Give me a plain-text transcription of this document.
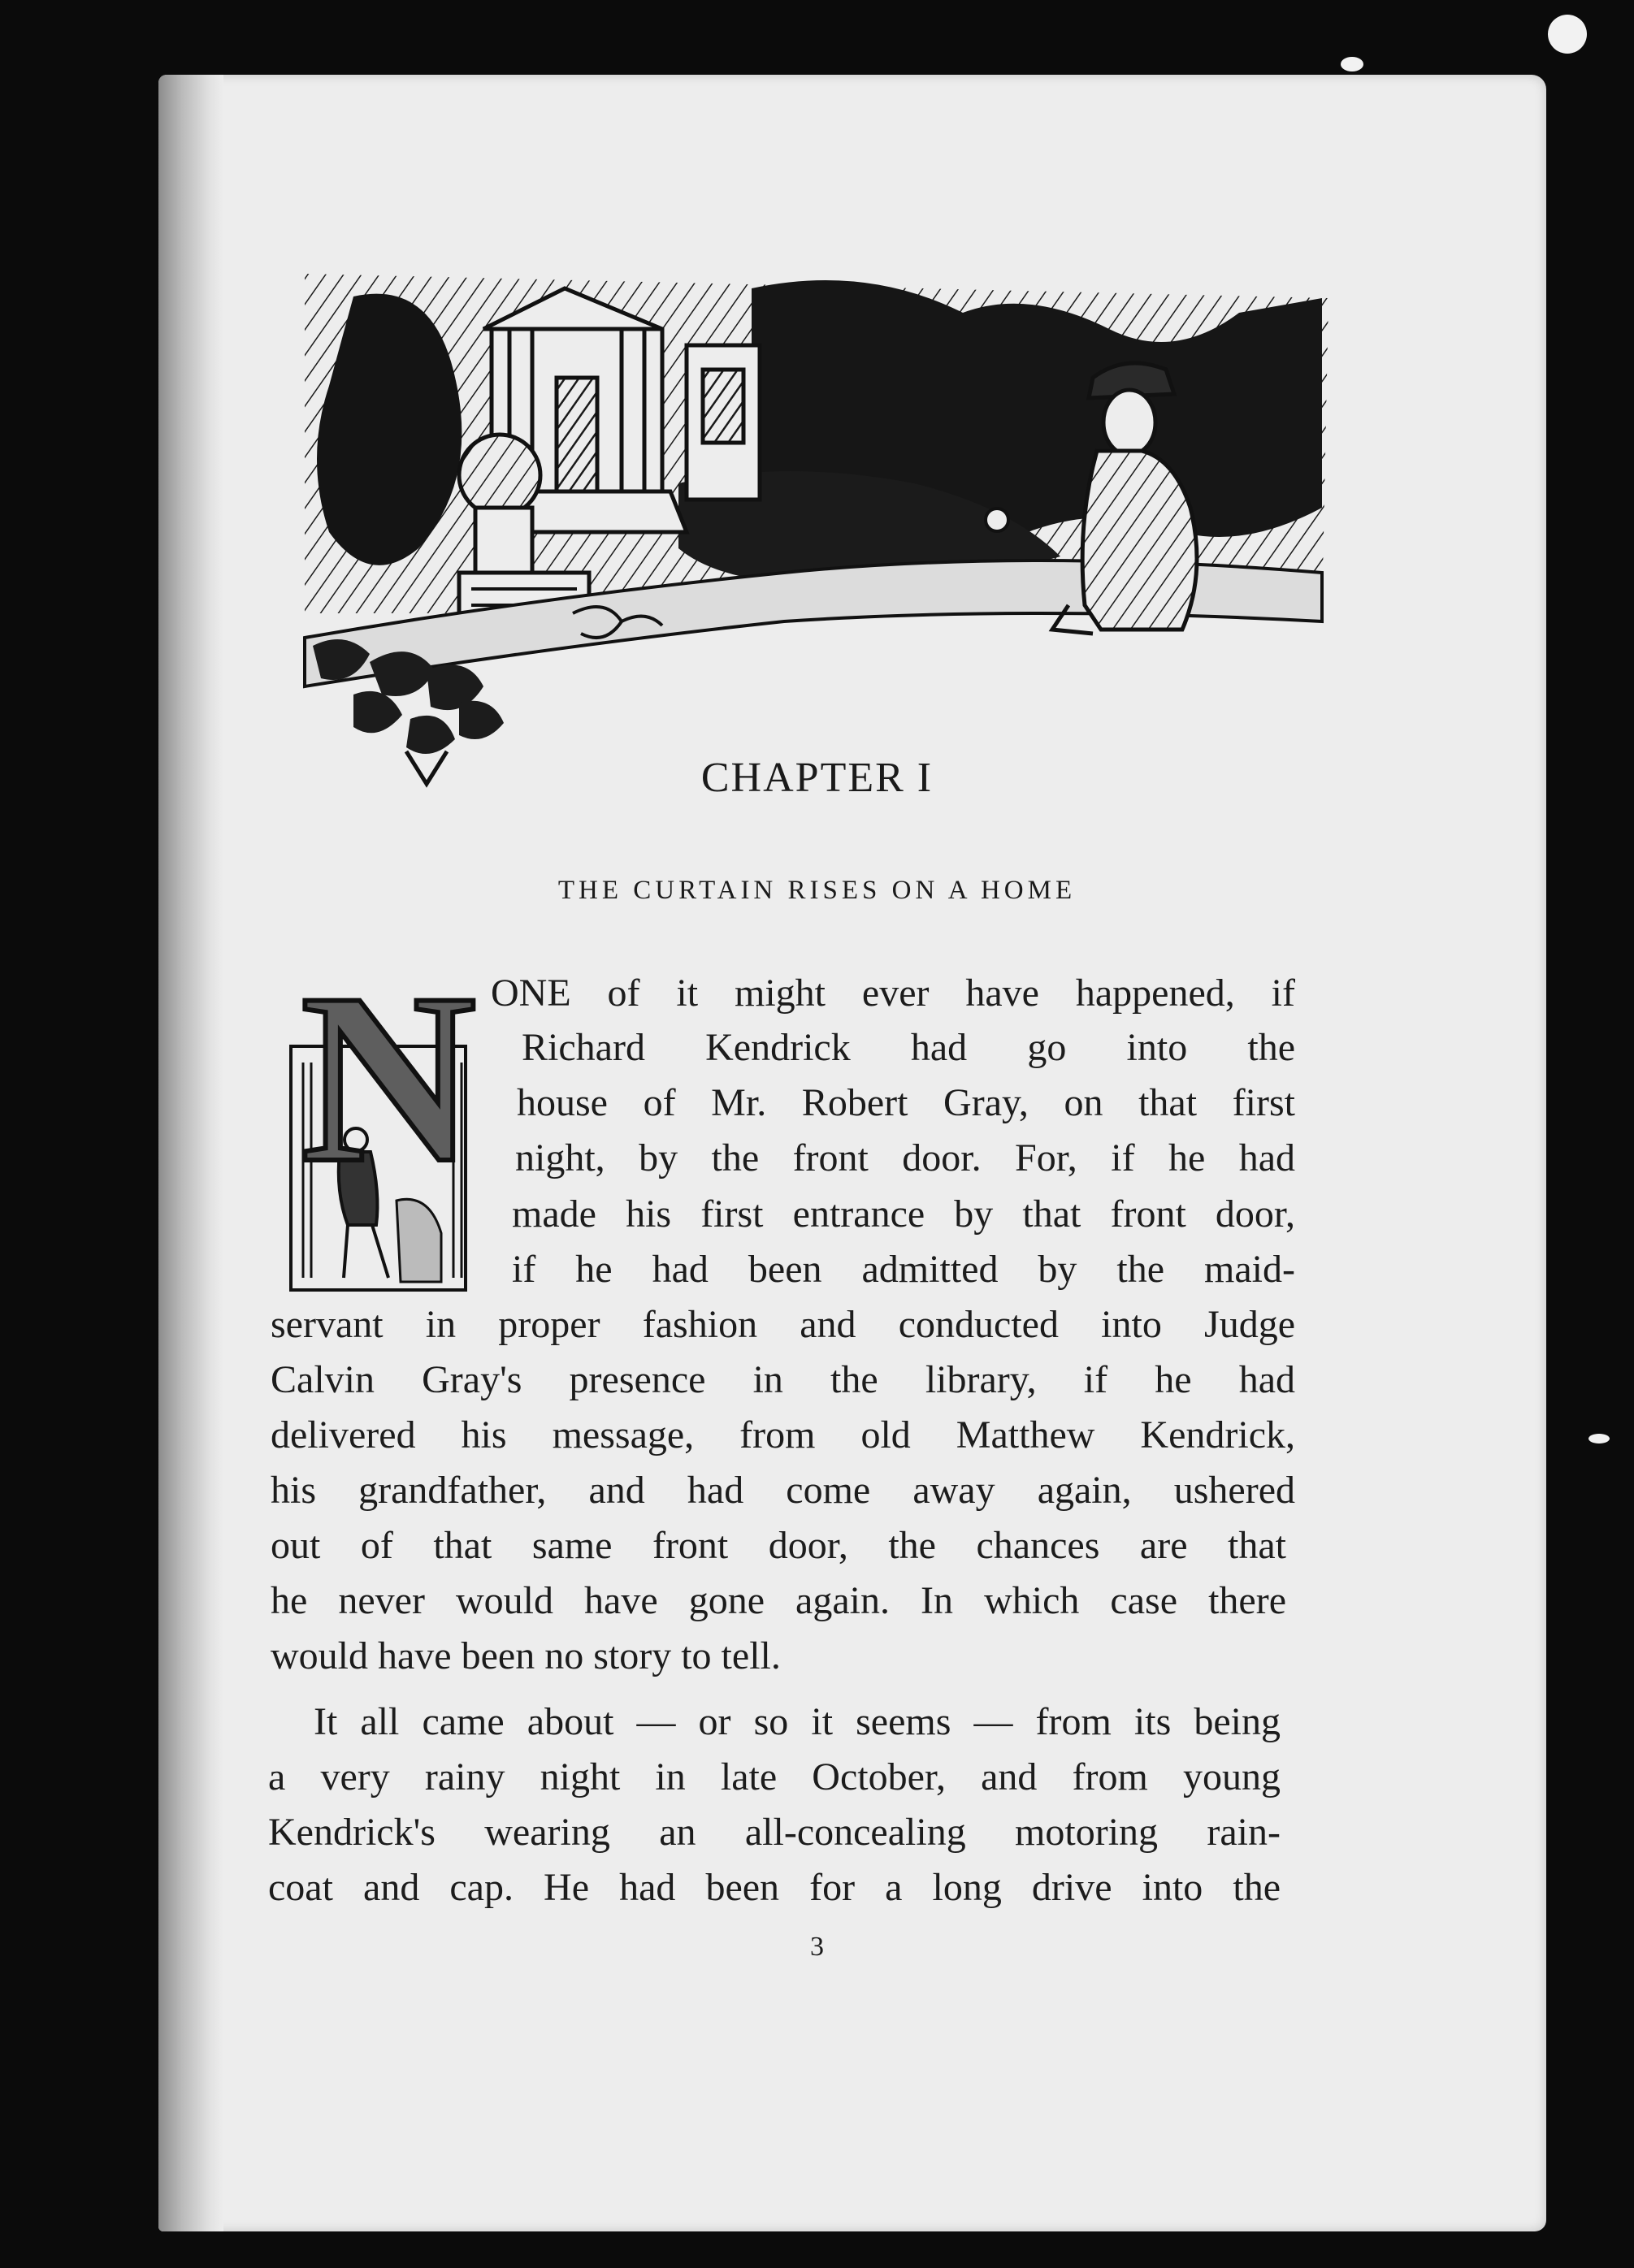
CHAPTER I
THE CURTAIN RISES ON A HOME
N ONE of it might ever have happened, if
Richard Kendrick had go into the
house of Mr. Robert Gray, on that first
night, by the front door. For, if he had
made his first entrance by that front door,
if he had been admitted by the maid-
servant in proper fashion and conducted into Judge
Calvin Gray's presence in the library, if he had
delivered his message, from old Matthew Kendrick,
his grandfather, and had come away again, ushered
out of that same front door, the chances are that
he never would have gone again. In which case there
would have been no story to tell.
It all came about — or so it seems — from its being
a very rainy night in late October, and from young
Kendrick's wearing an all-concealing motoring rain-
coat and cap. He had been for a long drive into the
3
